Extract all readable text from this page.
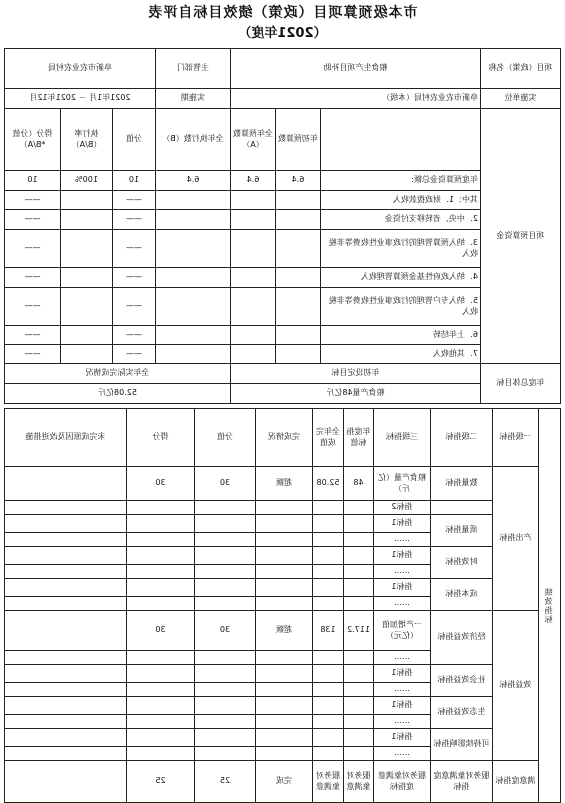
市本级预算项目（政策）绩效目标自评表
（2021年度）
项目（政策）名称	粮食生产项目补助			主管部门	阜新市农业农村局		
实施单位	阜新市农业农村局（本级）			实施期	2021年1月 － 2021年12月		
项目预算资金		年初预算数	全年预算数（A）	全年执行数（B）	分值	执行率（B/A）	得分（分值*B/A）
	年度预算资金总额:	6.4	6.4	6.4	10	100%	10
	其中：1．财政拨款收入				——		——
	2．中央、省转移支付资金				——		——
	3．纳入预算管理的行政事业性收费等非税收入				——		——
	4．纳入政府性基金预算管理收入				——		——
	5．纳入专户管理的行政事业性收费等非税收入				——		——
	6．上年结转				——		——
	7．其他收入				——		——
年度总体目标	年初设定目标			全年实际完成情况			
	粮食产量48亿斤			52.08亿斤			
绩效指标	一级指标	二级指标	三级指标	年度指标值	全年完成值	完成情况	分值	得分	未完成原因及改进措施
	产出指标	数量指标	粮食产量（亿斤）	48	52.08	超额	30	30	
			指标2						
		质量指标	指标1						
			……						
		时效指标	指标1						
			……						
		成本指标	指标1						
			……						
	效益指标	经济效益指标	一产增加值（亿元）	117.2	138	超额	30	30	
			……						
		社会效益指标	指标1						
			……						
		生态效益指标	指标1						
			……						
		可持续影响指标	指标1						
			……						
	满意度指标	服务对象满意度指标	服务对象满意度指标	服务对象满意	服务对象满意	完成	25	25	
